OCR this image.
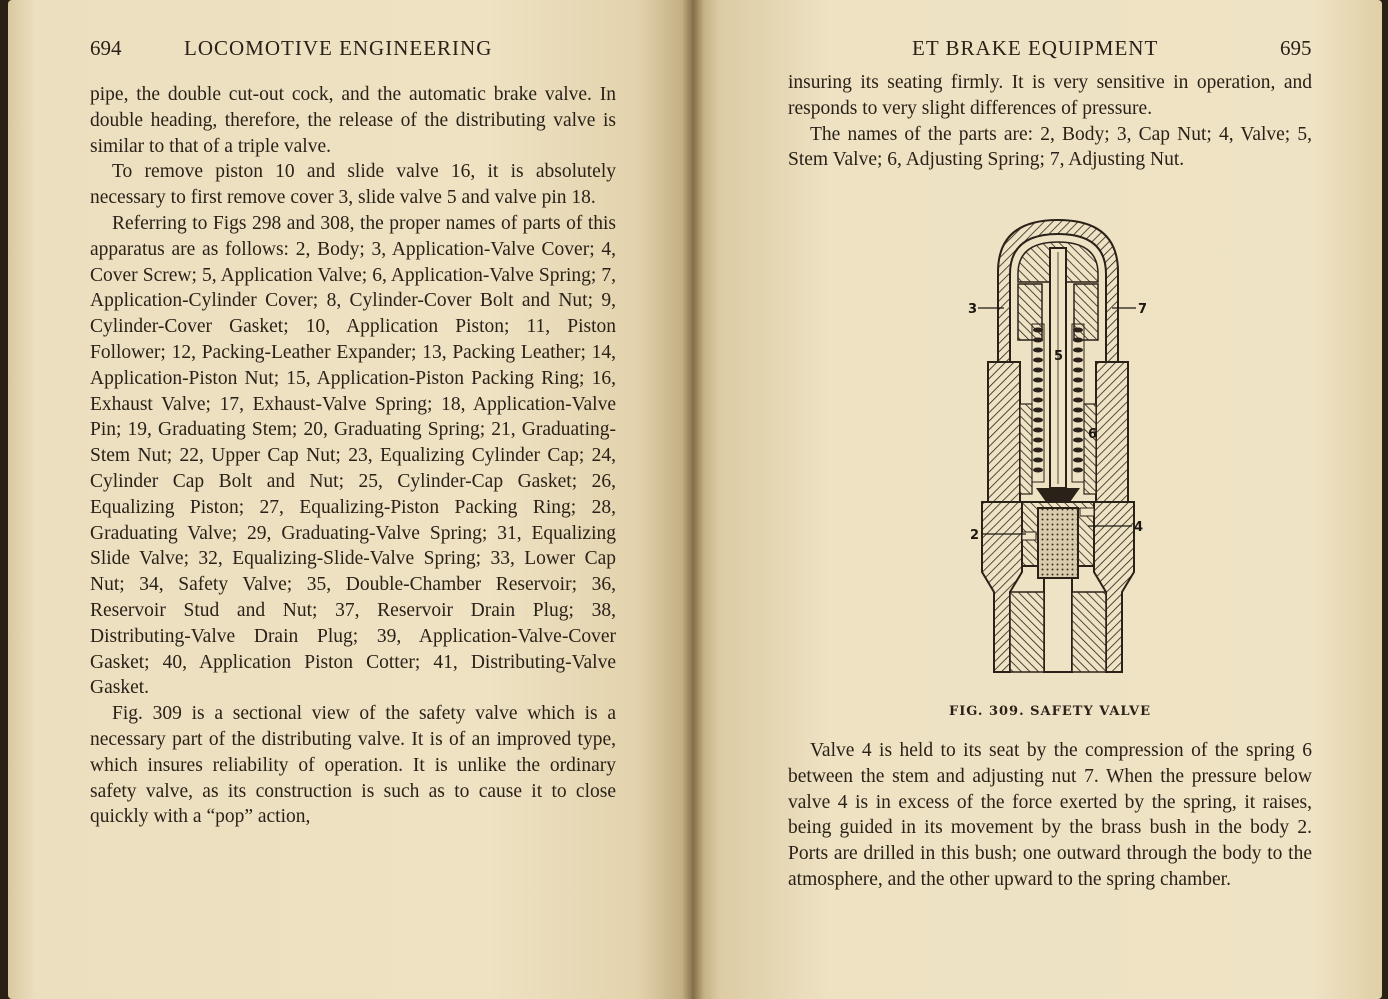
694	LOCOMOTIVE ENGINEERING

pipe, the double cut-out cock, and the automatic brake valve. In double heading, therefore, the release of the distributing valve is similar to that of a triple valve.

To remove piston 10 and slide valve 16, it is absolutely necessary to first remove cover 3, slide valve 5 and valve pin 18.

Referring to Figs 298 and 308, the proper names of parts of this apparatus are as follows: 2, Body; 3, Application-Valve Cover; 4, Cover Screw; 5, Application Valve; 6, Application-Valve Spring; 7, Application-Cylinder Cover; 8, Cylinder-Cover Bolt and Nut; 9, Cylinder-Cover Gasket; 10, Application Piston; 11, Piston Follower; 12, Packing-Leather Expander; 13, Packing Leather; 14, Application-Piston Nut; 15, Application-Piston Packing Ring; 16, Exhaust Valve; 17, Exhaust-Valve Spring; 18, Application-Valve Pin; 19, Graduating Stem; 20, Graduating Spring; 21, Graduating-Stem Nut; 22, Upper Cap Nut; 23, Equalizing Cylinder Cap; 24, Cylinder Cap Bolt and Nut; 25, Cylinder-Cap Gasket; 26, Equalizing Piston; 27, Equalizing-Piston Packing Ring; 28, Graduating Valve; 29, Graduating-Valve Spring; 31, Equalizing Slide Valve; 32, Equalizing-Slide-Valve Spring; 33, Lower Cap Nut; 34, Safety Valve; 35, Double-Chamber Reservoir; 36, Reservoir Stud and Nut; 37, Reservoir Drain Plug; 38, Distributing-Valve Drain Plug; 39, Application-Valve-Cover Gasket; 40, Application Piston Cotter; 41, Distributing-Valve Gasket.

Fig. 309 is a sectional view of the safety valve which is a necessary part of the distributing valve. It is of an improved type, which insures reliability of operation. It is unlike the ordinary safety valve, as its construction is such as to cause it to close quickly with a “pop” action,

ET BRAKE EQUIPMENT	695

insuring its seating firmly. It is very sensitive in operation, and responds to very slight differences of pressure.

The names of the parts are: 2, Body; 3, Cap Nut; 4, Valve; 5, Stem Valve; 6, Adjusting Spring; 7, Adjusting Nut.

3	7
5
6
2
4
FIG. 309. SAFETY VALVE

Valve 4 is held to its seat by the compression of the spring 6 between the stem and adjusting nut 7. When the pressure below valve 4 is in excess of the force exerted by the spring, it raises, being guided in its movement by the brass bush in the body 2. Ports are drilled in this bush; one outward through the body to the atmosphere, and the other upward to the spring chamber.
